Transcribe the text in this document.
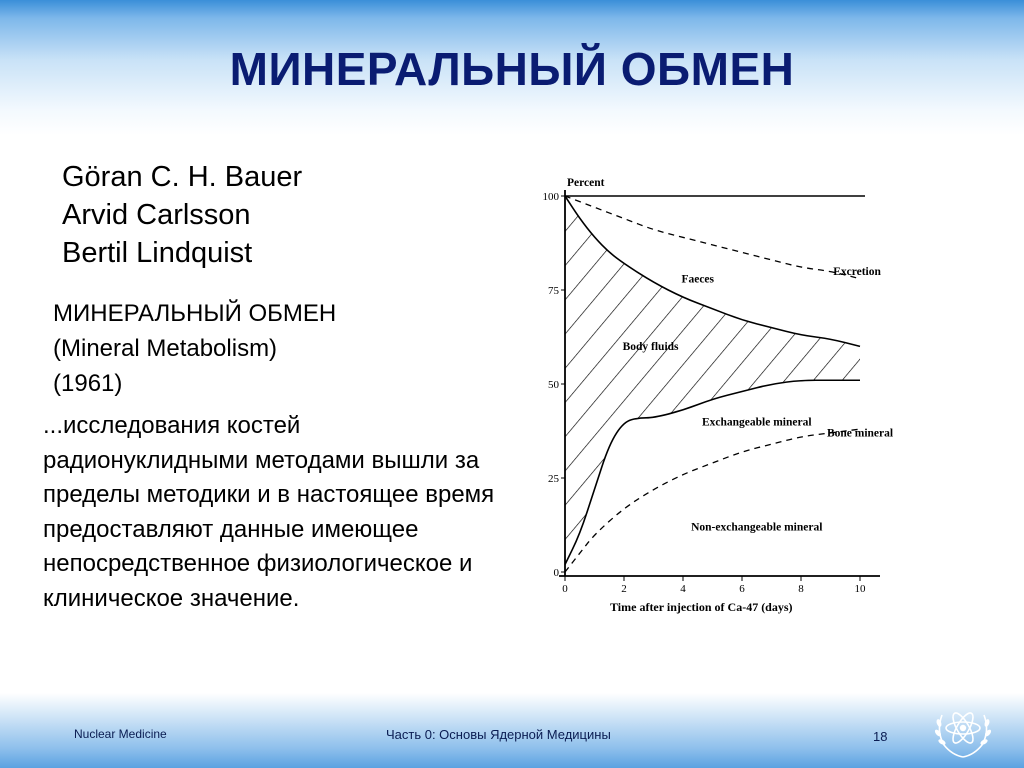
МИНЕРАЛЬНЫЙ ОБМЕН
Göran C. H. Bauer
Arvid Carlsson
Bertil Lindquist
МИНЕРАЛЬНЫЙ ОБМЕН
(Mineral Metabolism)
(1961)
...исследования костей радионуклидными методами вышли за пределы методики и в настоящее время предоставляют данные имеющее непосредственное физиологическое и клиническое значение.
0
25
50
75
100
0	2	4	6	8	10
Percent
Time after injection of Ca-47 (days)
Excretion
Faeces
Body fluids
Exchangeable mineral
Bone mineral
Non-exchangeable mineral
Nuclear Medicine	Часть 0: Основы Ядерной Медицины	18
